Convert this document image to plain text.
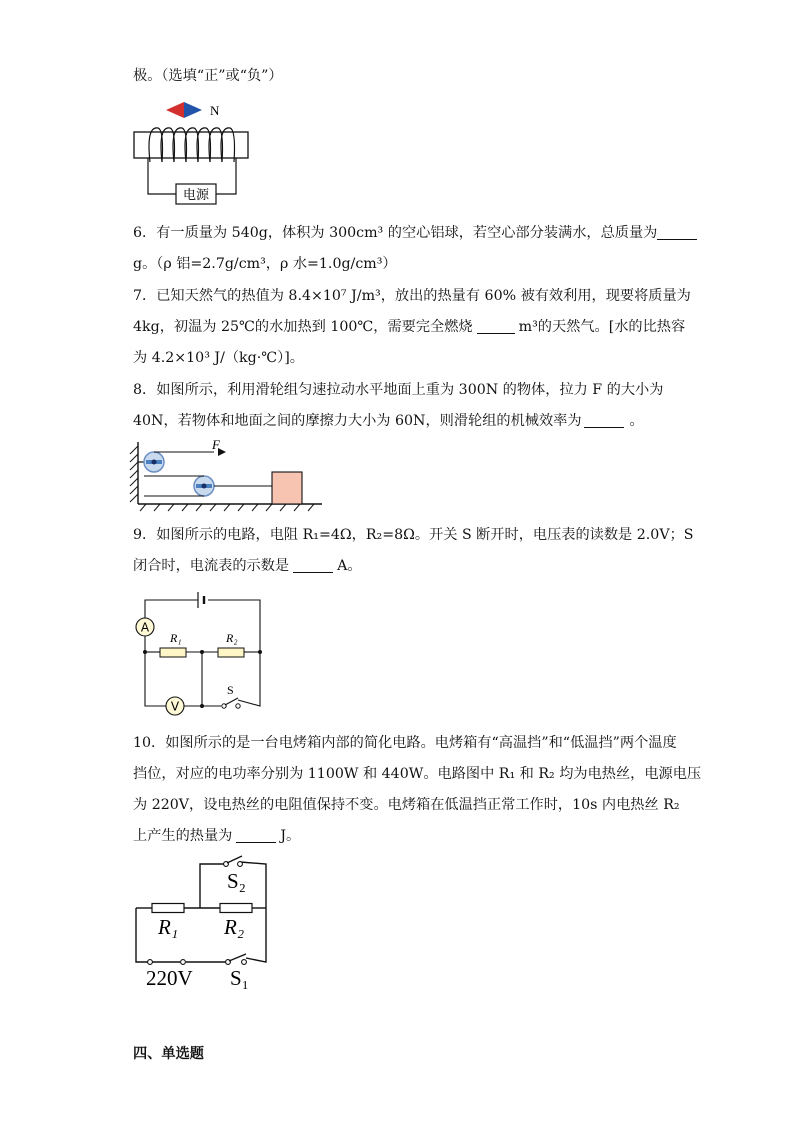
极。（选填“正”或“负”）
N
电源
6．有一质量为 540g，体积为 300cm³ 的空心铝球，若空心部分装满水，总质量为
g。（ρ 铝=2.7g/cm³，ρ 水=1.0g/cm³）
7．已知天然气的热值为 8.4×10⁷ J/m³，放出的热量有 60% 被有效利用，现要将质量为
4kg，初温为 25℃的水加热到 100℃，需要完全燃烧	m³的天然气。[水的比热容
为 4.2×10³ J/（kg·℃）]。
8．如图所示，利用滑轮组匀速拉动水平地面上重为 300N 的物体，拉力 F 的大小为
40N，若物体和地面之间的摩擦力大小为 60N，则滑轮组的机械效率为	。
F
9．如图所示的电路，电阻 R₁=4Ω，R₂=8Ω。开关 S 断开时，电压表的读数是 2.0V；S
闭合时，电流表的示数是	A。
R₁	R₂
A
V
S
10．如图所示的是一台电烤箱内部的简化电路。电烤箱有“高温挡”和“低温挡”两个温度
挡位，对应的电功率分别为 1100W 和 440W。电路图中 R₁ 和 R₂ 均为电热丝，电源电压
为 220V，设电热丝的电阻值保持不变。电烤箱在低温挡正常工作时，10s 内电热丝 R₂
上产生的热量为	J。
S₂
R₁ R₂
220V S₁
四、单选题
